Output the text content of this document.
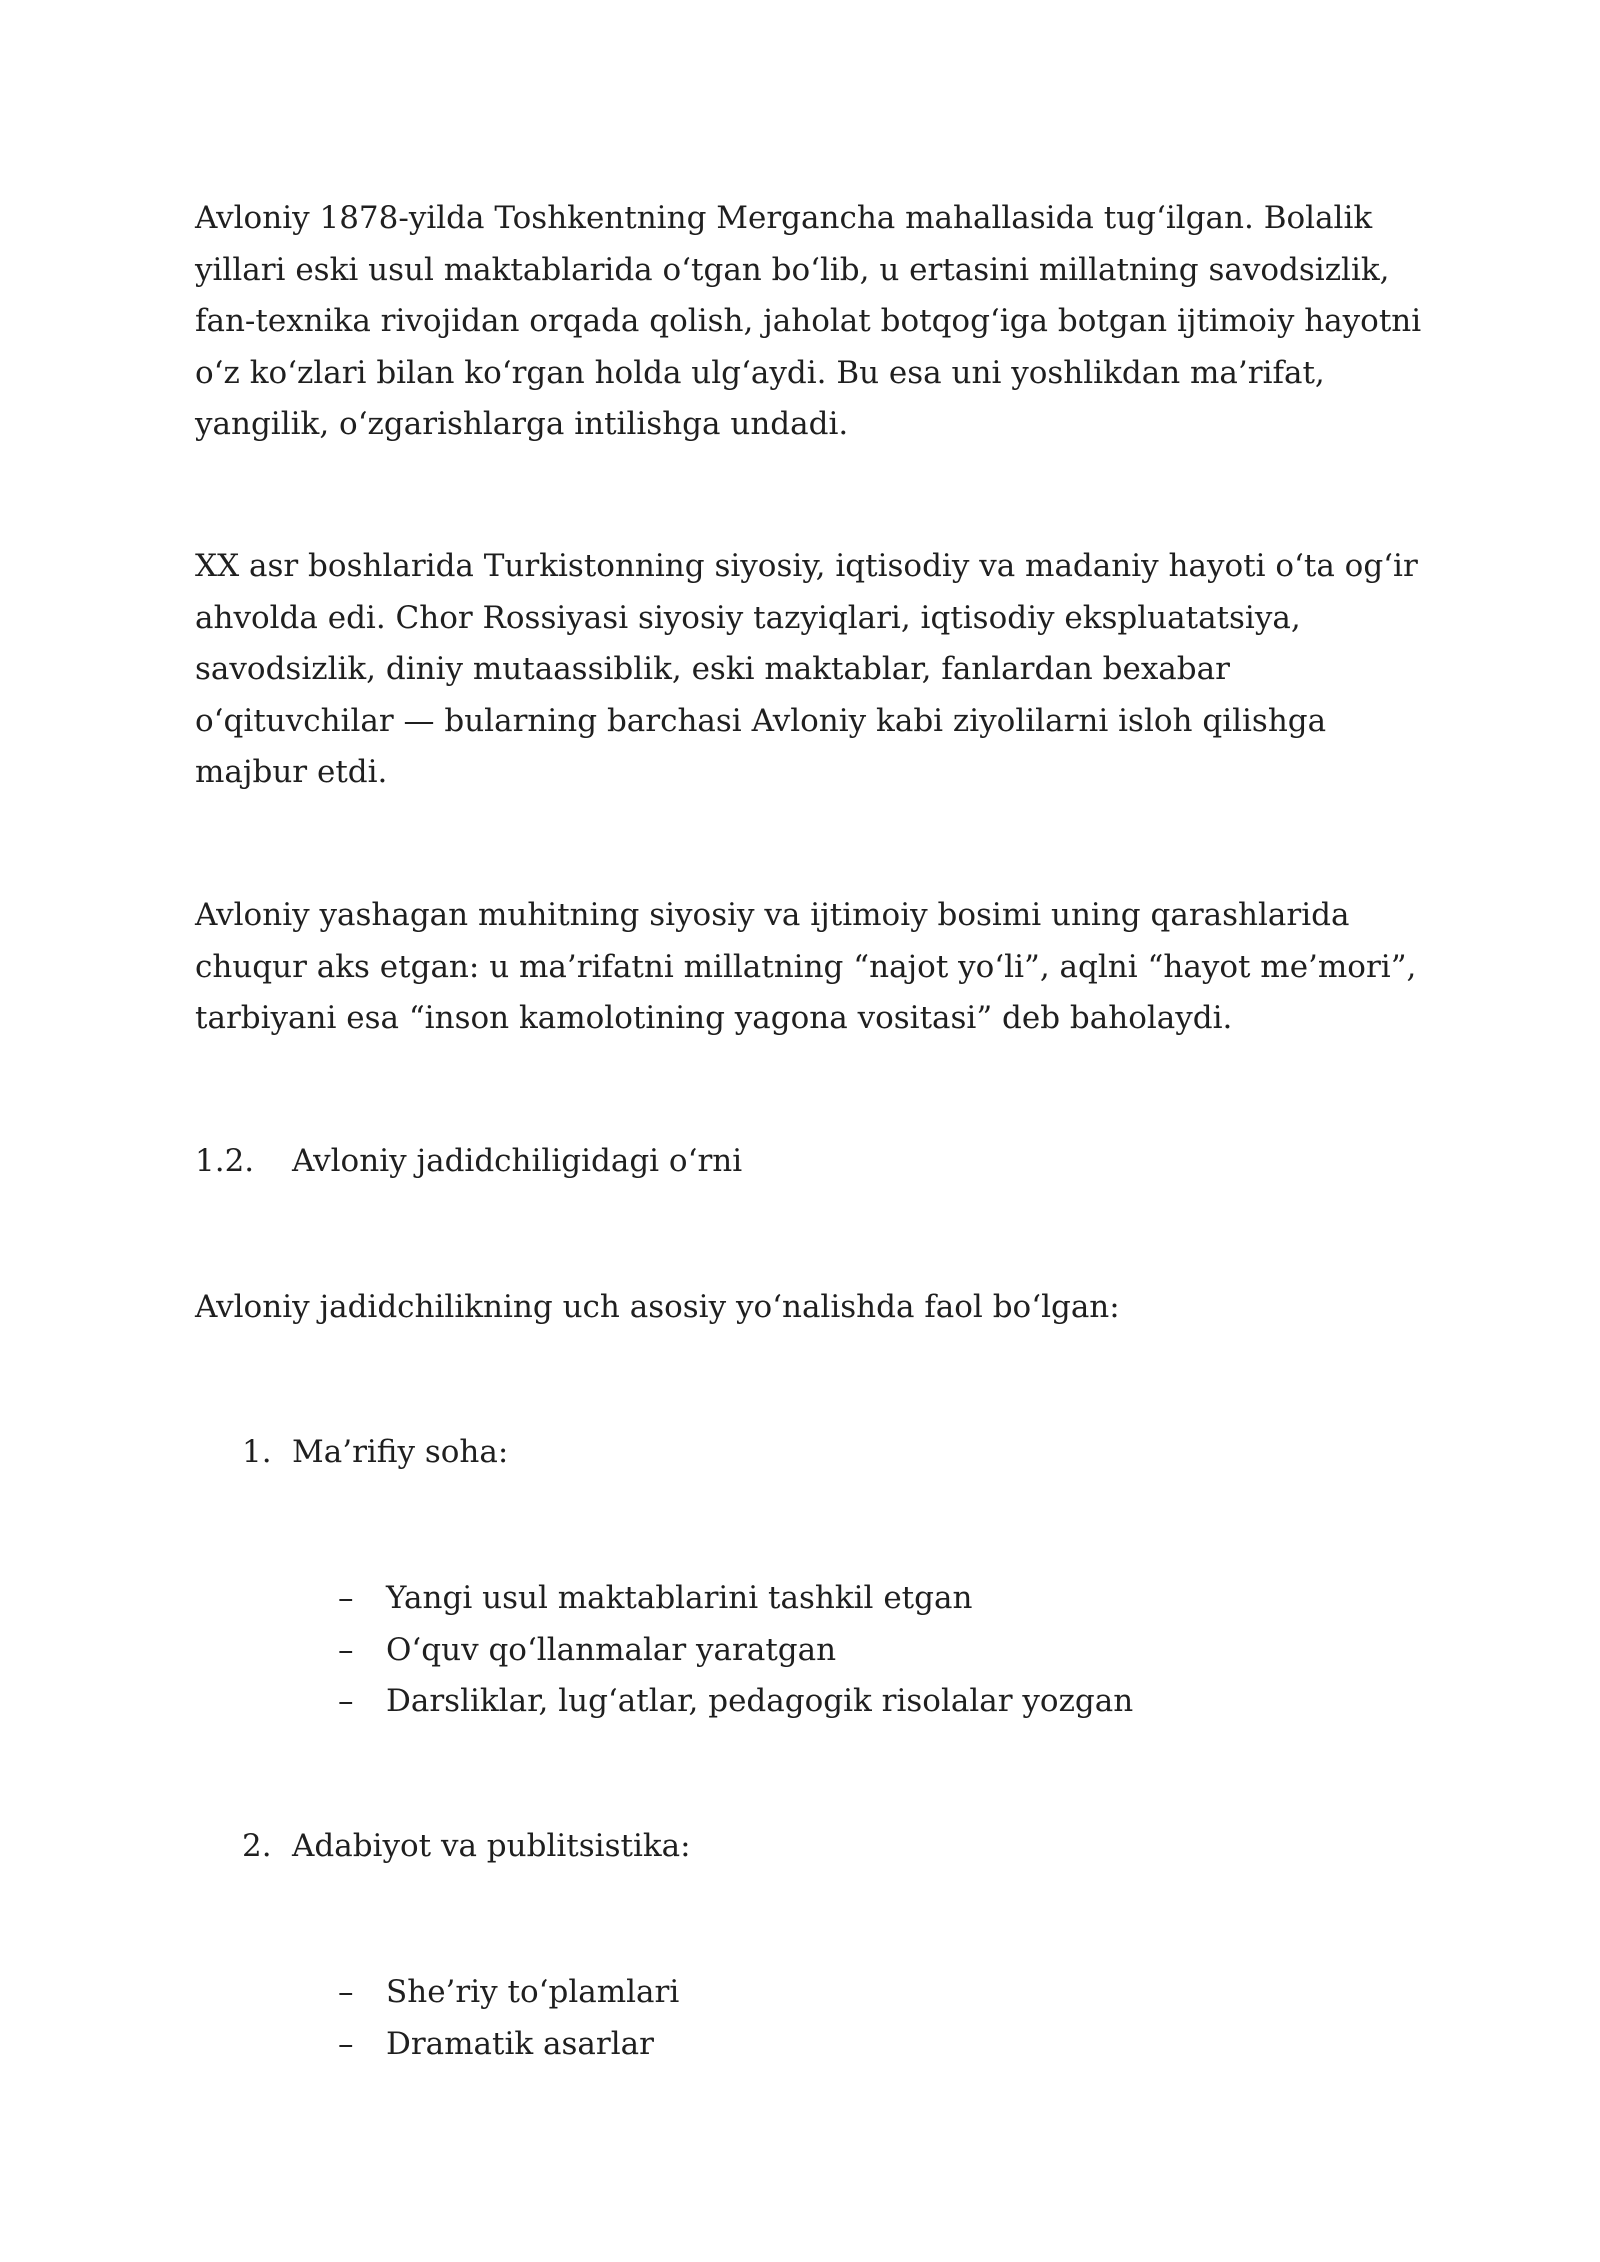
Avloniy 1878-yilda Toshkentning Mergancha mahallasida tug‘ilgan. Bolalik yillari eski usul maktablarida o‘tgan bo‘lib, u ertasini millatning savodsizlik, fan-texnika rivojidan orqada qolish, jaholat botqog‘iga botgan ijtimoiy hayotni o‘z ko‘zlari bilan ko‘rgan holda ulg‘aydi. Bu esa uni yoshlikdan ma’rifat, yangilik, o‘zgarishlarga intilishga undadi.

XX asr boshlarida Turkistonning siyosiy, iqtisodiy va madaniy hayoti o‘ta og‘ir ahvolda edi. Chor Rossiyasi siyosiy tazyiqlari, iqtisodiy ekspluatatsiya, savodsizlik, diniy mutaassiblik, eski maktablar, fanlardan bexabar o‘qituvchilar — bularning barchasi Avloniy kabi ziyolilarni isloh qilishga majbur etdi.

Avloniy yashagan muhitning siyosiy va ijtimoiy bosimi uning qarashlarida chuqur aks etgan: u ma’rifatni millatning “najot yo‘li”, aqlni “hayot me’mori”, tarbiyani esa “inson kamolotining yagona vositasi” deb baholaydi.

1.2. Avloniy jadidchiligidagi o‘rni
Avloniy jadidchilikning uch asosiy yo‘nalishda faol bo‘lgan:
1. Ma’rifiy soha:
– Yangi usul maktablarini tashkil etgan
– O‘quv qo‘llanmalar yaratgan
– Darsliklar, lug‘atlar, pedagogik risolalar yozgan
2. Adabiyot va publitsistika:
– She’riy to‘plamlari
– Dramatik asarlar
